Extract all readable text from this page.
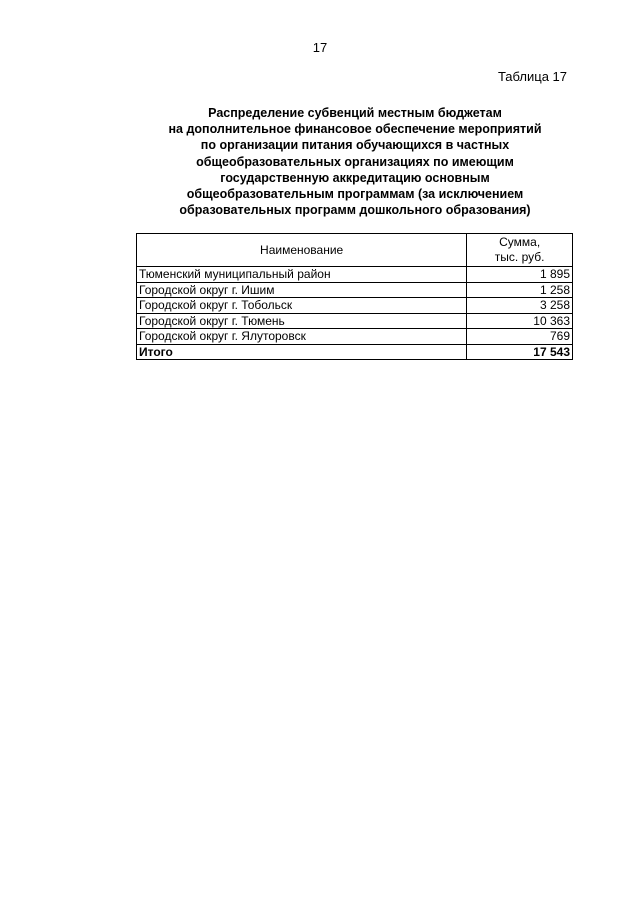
17
Таблица 17
Распределение субвенций местным бюджетам
на дополнительное финансовое обеспечение мероприятий
по организации питания обучающихся в частных
общеобразовательных организациях по имеющим
государственную аккредитацию основным
общеобразовательным программам (за исключением
образовательных программ дошкольного образования)
Наименование	Сумма,
тыс. руб.

Тюменский муниципальный район	1 895
Городской округ г. Ишим	1 258
Городской округ г. Тобольск	3 258
Городской округ г. Тюмень	10 363
Городской округ г. Ялуторовск	769
Итого	17 543
